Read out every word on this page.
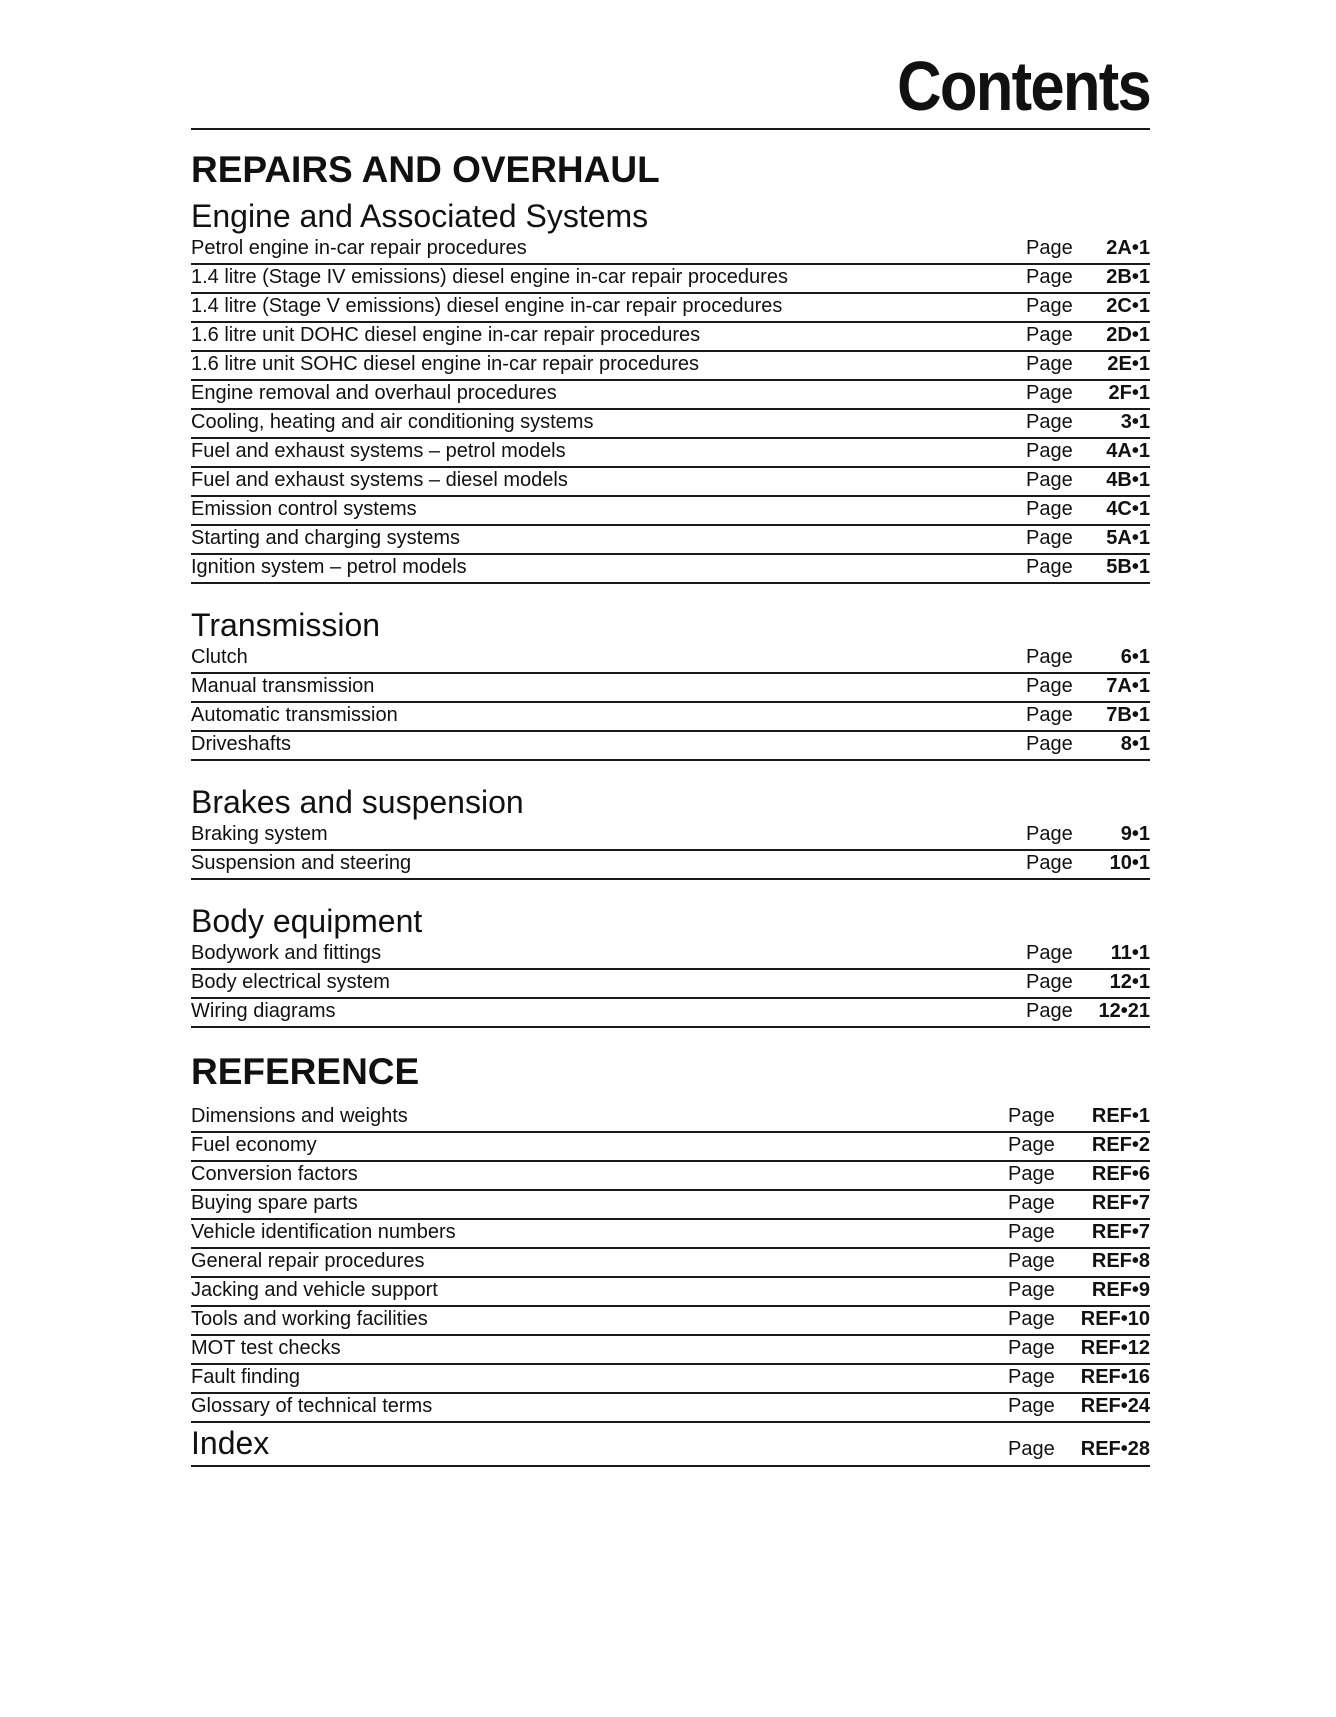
Contents
REPAIRS AND OVERHAUL
Engine and Associated Systems
Petrol engine in-car repair procedures	Page	2A•1
1.4 litre (Stage IV emissions) diesel engine in-car repair procedures	Page	2B•1
1.4 litre (Stage V emissions) diesel engine in-car repair procedures	Page	2C•1
1.6 litre unit DOHC diesel engine in-car repair procedures	Page	2D•1
1.6 litre unit SOHC diesel engine in-car repair procedures	Page	2E•1
Engine removal and overhaul procedures	Page	2F•1
Cooling, heating and air conditioning systems	Page	3•1
Fuel and exhaust systems – petrol models	Page	4A•1
Fuel and exhaust systems – diesel models	Page	4B•1
Emission control systems	Page	4C•1
Starting and charging systems	Page	5A•1
Ignition system – petrol models	Page	5B•1
Transmission
Clutch	Page	6•1
Manual transmission	Page	7A•1
Automatic transmission	Page	7B•1
Driveshafts	Page	8•1
Brakes and suspension
Braking system	Page	9•1
Suspension and steering	Page	10•1
Body equipment
Bodywork and fittings	Page	11•1
Body electrical system	Page	12•1
Wiring diagrams	Page	12•21
REFERENCE
Dimensions and weights	Page	REF•1
Fuel economy	Page	REF•2
Conversion factors	Page	REF•6
Buying spare parts	Page	REF•7
Vehicle identification numbers	Page	REF•7
General repair procedures	Page	REF•8
Jacking and vehicle support	Page	REF•9
Tools and working facilities	Page	REF•10
MOT test checks	Page	REF•12
Fault finding	Page	REF•16
Glossary of technical terms	Page	REF•24
Index	Page	REF•28
